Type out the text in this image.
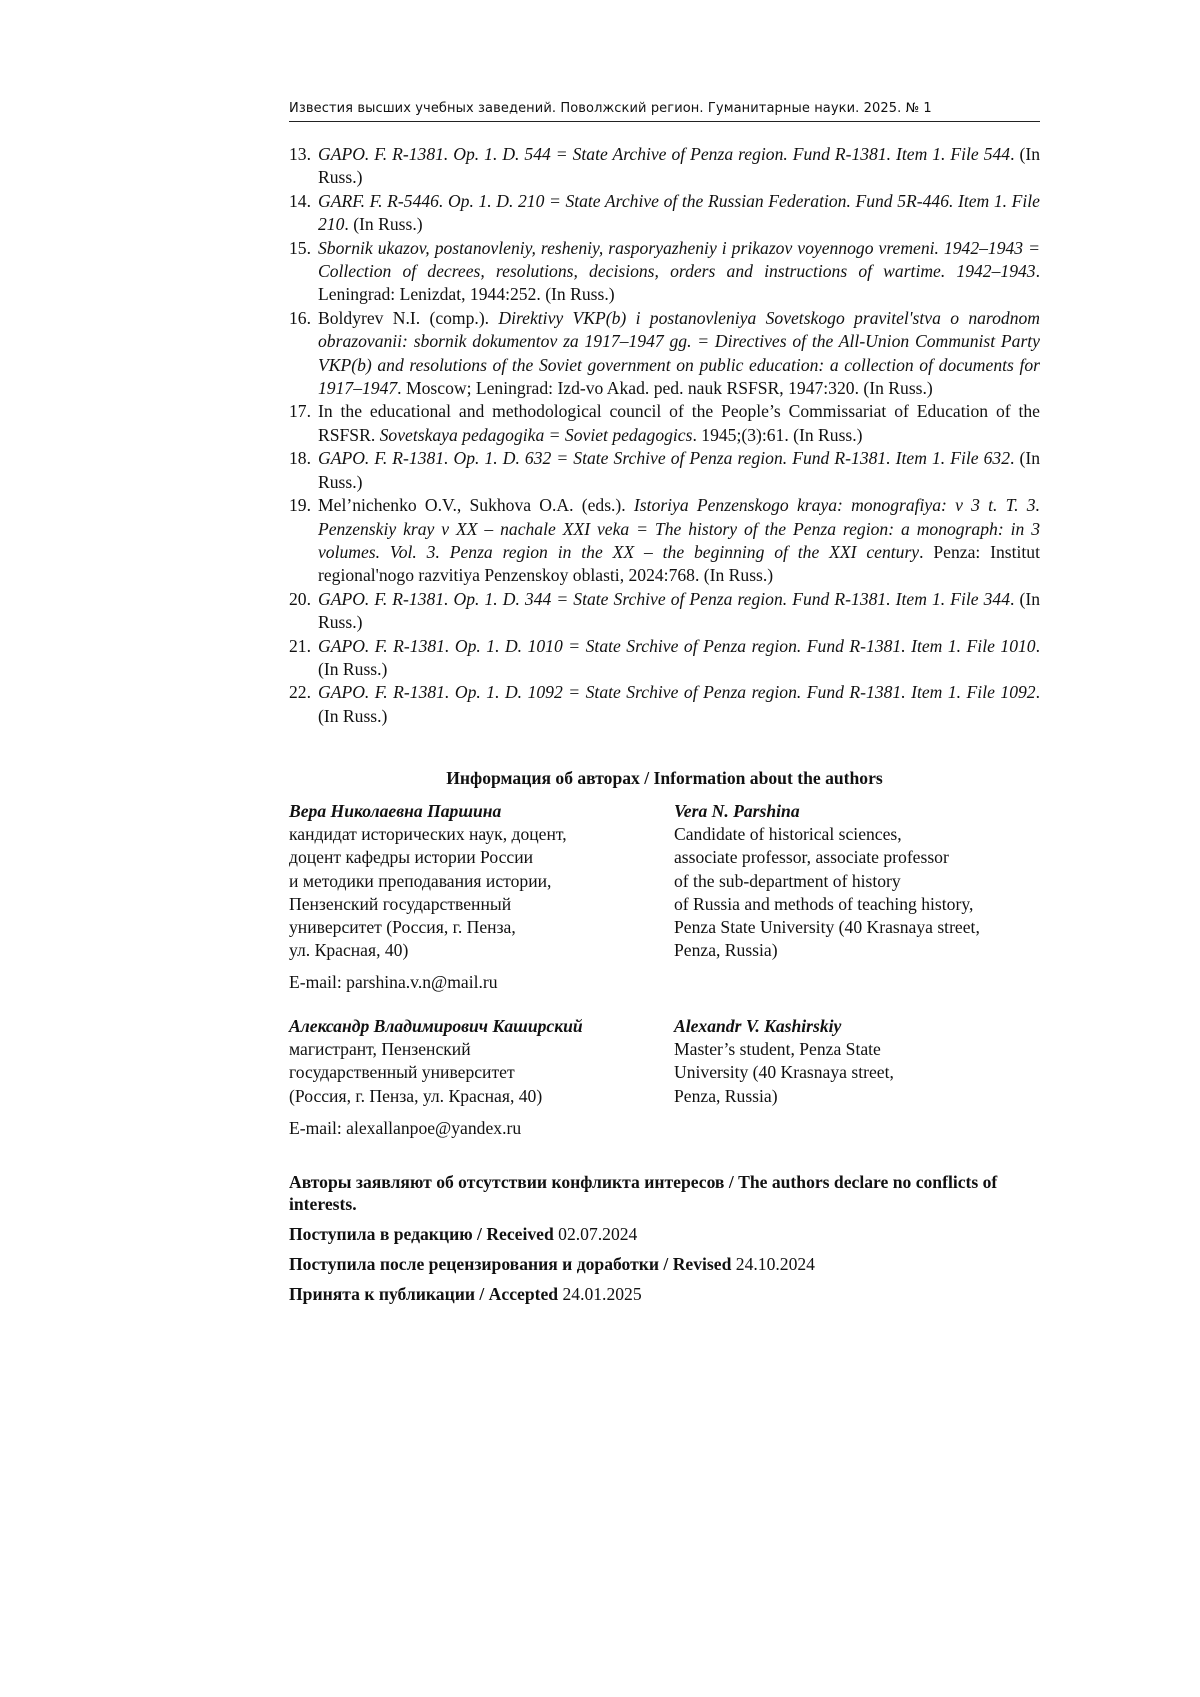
Известия высших учебных заведений. Поволжский регион. Гуманитарные науки. 2025. № 1
13. GAPO. F. R-1381. Op. 1. D. 544 = State Archive of Penza region. Fund R-1381. Item 1. File 544. (In Russ.)
14. GARF. F. R-5446. Op. 1. D. 210 = State Archive of the Russian Federation. Fund 5R-446. Item 1. File 210. (In Russ.)
15. Sbornik ukazov, postanovleniy, resheniy, rasporyazheniy i prikazov voyennogo vremeni. 1942–1943 = Collection of decrees, resolutions, decisions, orders and instructions of wartime. 1942–1943. Leningrad: Lenizdat, 1944:252. (In Russ.)
16. Boldyrev N.I. (comp.). Direktivy VKP(b) i postanovleniya Sovetskogo pravitel'stva o narodnom obrazovanii: sbornik dokumentov za 1917–1947 gg. = Directives of the All-Union Communist Party VKP(b) and resolutions of the Soviet government on public education: a collection of documents for 1917–1947. Moscow; Leningrad: Izd-vo Akad. ped. nauk RSFSR, 1947:320. (In Russ.)
17. In the educational and methodological council of the People’s Commissariat of Education of the RSFSR. Sovetskaya pedagogika = Soviet pedagogics. 1945;(3):61. (In Russ.)
18. GAPO. F. R-1381. Op. 1. D. 632 = State Srchive of Penza region. Fund R-1381. Item 1. File 632. (In Russ.)
19. Mel’nichenko O.V., Sukhova O.A. (eds.). Istoriya Penzenskogo kraya: monografiya: v 3 t. T. 3. Penzenskiy kray v XX – nachale XXI veka = The history of the Penza region: a monograph: in 3 volumes. Vol. 3. Penza region in the XX – the beginning of the XXI century. Penza: Institut regional'nogo razvitiya Penzenskoy oblasti, 2024:768. (In Russ.)
20. GAPO. F. R-1381. Op. 1. D. 344 = State Srchive of Penza region. Fund R-1381. Item 1. File 344. (In Russ.)
21. GAPO. F. R-1381. Op. 1. D. 1010 = State Srchive of Penza region. Fund R-1381. Item 1. File 1010. (In Russ.)
22. GAPO. F. R-1381. Op. 1. D. 1092 = State Srchive of Penza region. Fund R-1381. Item 1. File 1092. (In Russ.)
Информация об авторах / Information about the authors
Вера Николаевна Паршина
кандидат исторических наук, доцент,
доцент кафедры истории России
и методики преподавания истории,
Пензенский государственный
университет (Россия, г. Пенза,
ул. Красная, 40)
Vera N. Parshina
Candidate of historical sciences,
associate professor, associate professor
of the sub-department of history
of Russia and methods of teaching history,
Penza State University (40 Krasnaya street,
Penza, Russia)
E-mail: parshina.v.n@mail.ru
Александр Владимирович Каширский
магистрант, Пензенский
государственный университет
(Россия, г. Пенза, ул. Красная, 40)
Alexandr V. Kashirskiy
Master’s student, Penza State
University (40 Krasnaya street,
Penza, Russia)
E-mail: alexallanpoe@yandex.ru

Авторы заявляют об отсутствии конфликта интересов / The authors declare no conflicts of interests.

Поступила в редакцию / Received 02.07.2024

Поступила после рецензирования и доработки / Revised 24.10.2024

Принята к публикации / Accepted 24.01.2025
